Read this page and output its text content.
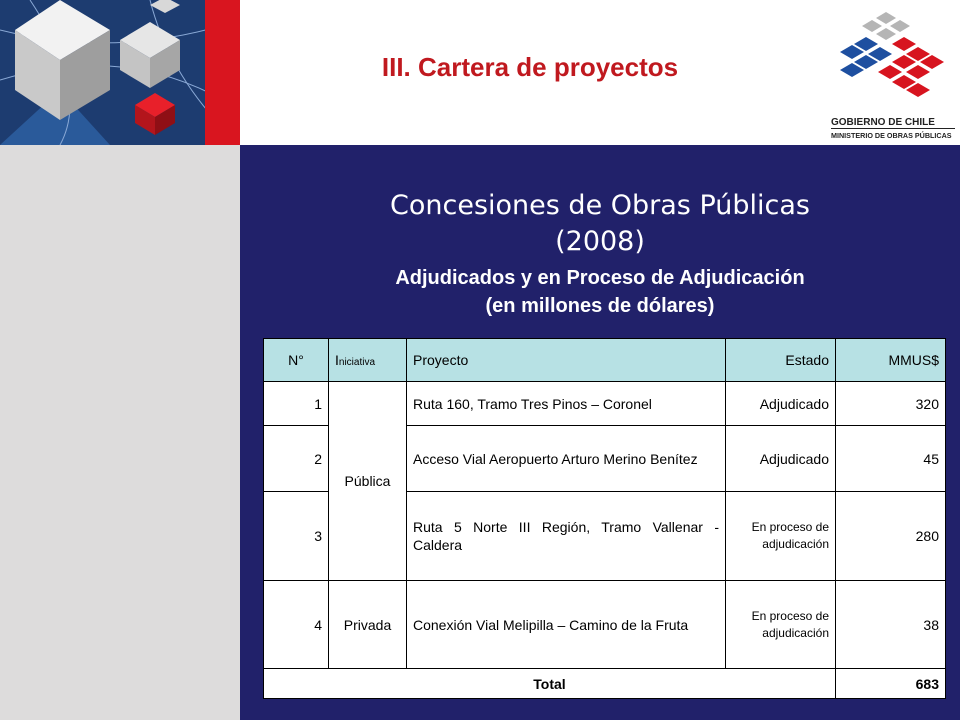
III. Cartera de proyectos
GOBIERNO DE CHILE
MINISTERIO DE OBRAS PÚBLICAS
Concesiones de Obras Públicas
(2008)
Adjudicados y en Proceso de Adjudicación
(en millones de dólares)
N°	Iniciativa	Proyecto	Estado	MMUS$
1	Pública	Ruta 160, Tramo Tres Pinos – Coronel	Adjudicado	320
2		Acceso Vial Aeropuerto Arturo Merino Benítez	Adjudicado	45
3		Ruta 5 Norte III Región, Tramo Vallenar - Caldera	En proceso de adjudicación	280
4	Privada	Conexión Vial Melipilla – Camino de la Fruta	En proceso de adjudicación	38
Total				683
